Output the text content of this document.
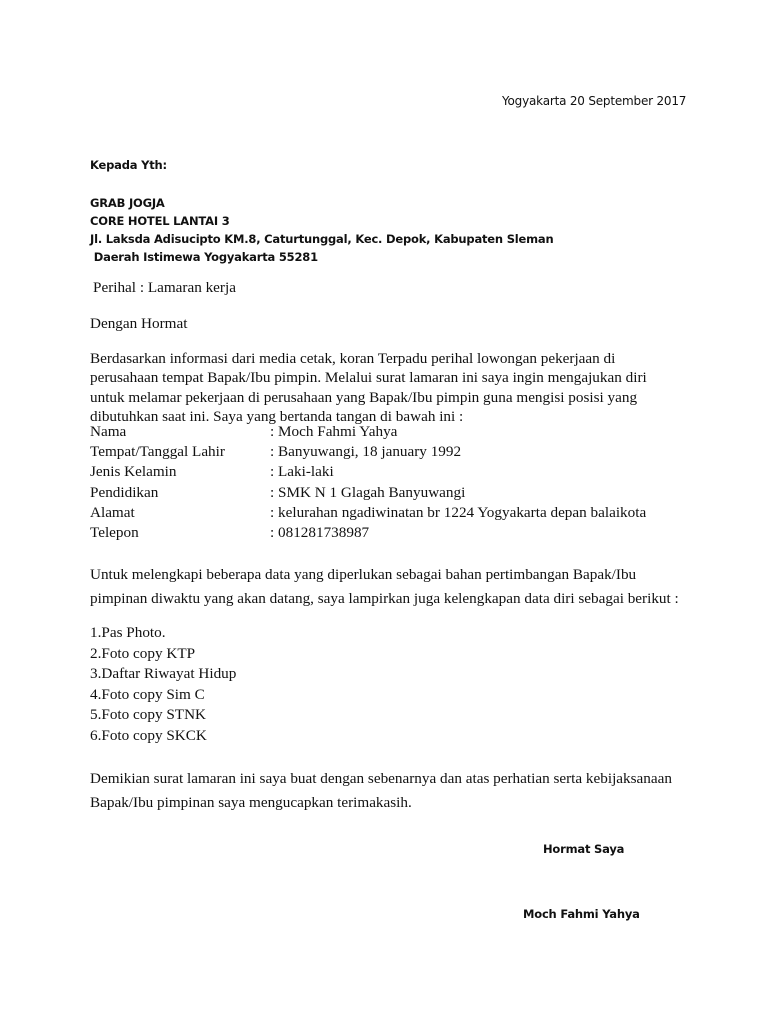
Yogyakarta 20 September 2017
Kepada Yth:
GRAB JOGJA
CORE HOTEL LANTAI 3
Jl. Laksda Adisucipto KM.8, Caturtunggal, Kec. Depok, Kabupaten Sleman
Daerah Istimewa Yogyakarta 55281
Perihal : Lamaran kerja
Dengan Hormat
Berdasarkan informasi dari media cetak, koran Terpadu perihal lowongan pekerjaan di
perusahaan tempat Bapak/Ibu pimpin. Melalui surat lamaran ini saya ingin mengajukan diri
untuk melamar pekerjaan di perusahaan yang Bapak/Ibu pimpin guna mengisi posisi yang
dibutuhkan saat ini. Saya yang bertanda tangan di bawah ini :
Nama	: Moch Fahmi Yahya
Tempat/Tanggal Lahir	: Banyuwangi, 18 january 1992
Jenis Kelamin	: Laki-laki
Pendidikan	: SMK N 1 Glagah Banyuwangi
Alamat	: kelurahan ngadiwinatan br 1224 Yogyakarta depan balaikota
Telepon	: 081281738987
Untuk melengkapi beberapa data yang diperlukan sebagai bahan pertimbangan Bapak/Ibu
pimpinan diwaktu yang akan datang, saya lampirkan juga kelengkapan data diri sebagai berikut :
1.Pas Photo.
2.Foto copy KTP
3.Daftar Riwayat Hidup
4.Foto copy Sim C
5.Foto copy STNK
6.Foto copy SKCK
Demikian surat lamaran ini saya buat dengan sebenarnya dan atas perhatian serta kebijaksanaan
Bapak/Ibu pimpinan saya mengucapkan terimakasih.
Hormat Saya
Moch Fahmi Yahya
